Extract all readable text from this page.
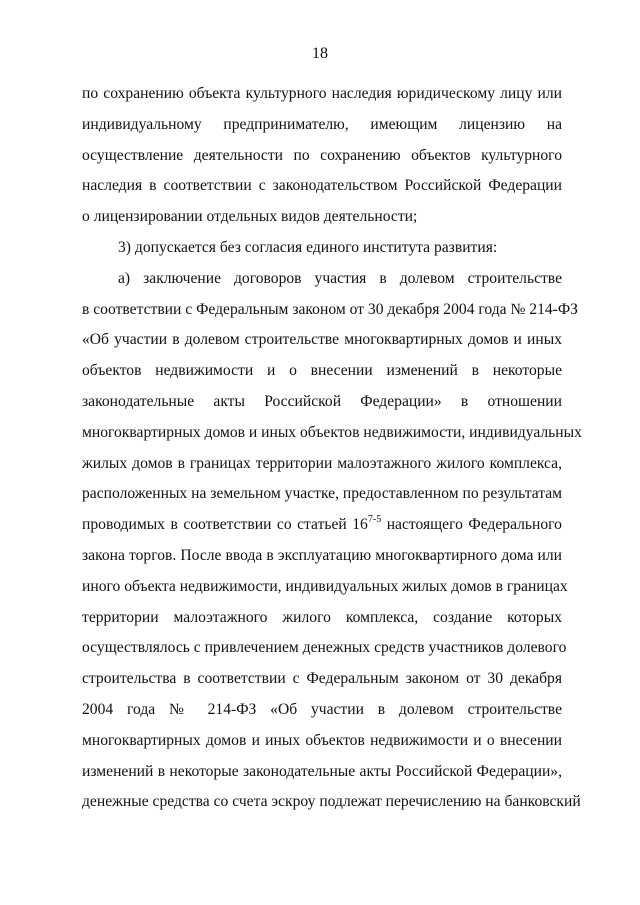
18
по сохранению объекта культурного наследия юридическому лицу или
индивидуальному предпринимателю, имеющим лицензию на
осуществление деятельности по сохранению объектов культурного
наследия в соответствии с законодательством Российской Федерации
о лицензировании отдельных видов деятельности;
3) допускается без согласия единого института развития:
а) заключение договоров участия в долевом строительстве
в соответствии с Федеральным законом от 30 декабря 2004 года № 214-ФЗ
«Об участии в долевом строительстве многоквартирных домов и иных
объектов недвижимости и о внесении изменений в некоторые
законодательные акты Российской Федерации» в отношении
многоквартирных домов и иных объектов недвижимости, индивидуальных
жилых домов в границах территории малоэтажного жилого комплекса,
расположенных на земельном участке, предоставленном по результатам
проводимых в соответствии со статьей 16$^{7-5}$ настоящего Федерального
закона торгов. После ввода в эксплуатацию многоквартирного дома или
иного объекта недвижимости, индивидуальных жилых домов в границах
территории малоэтажного жилого комплекса, создание которых
осуществлялось с привлечением денежных средств участников долевого
строительства в соответствии с Федеральным законом от 30 декабря
2004 года № 214-ФЗ «Об участии в долевом строительстве
многоквартирных домов и иных объектов недвижимости и о внесении
изменений в некоторые законодательные акты Российской Федерации»,
денежные средства со счета эскроу подлежат перечислению на банковский
